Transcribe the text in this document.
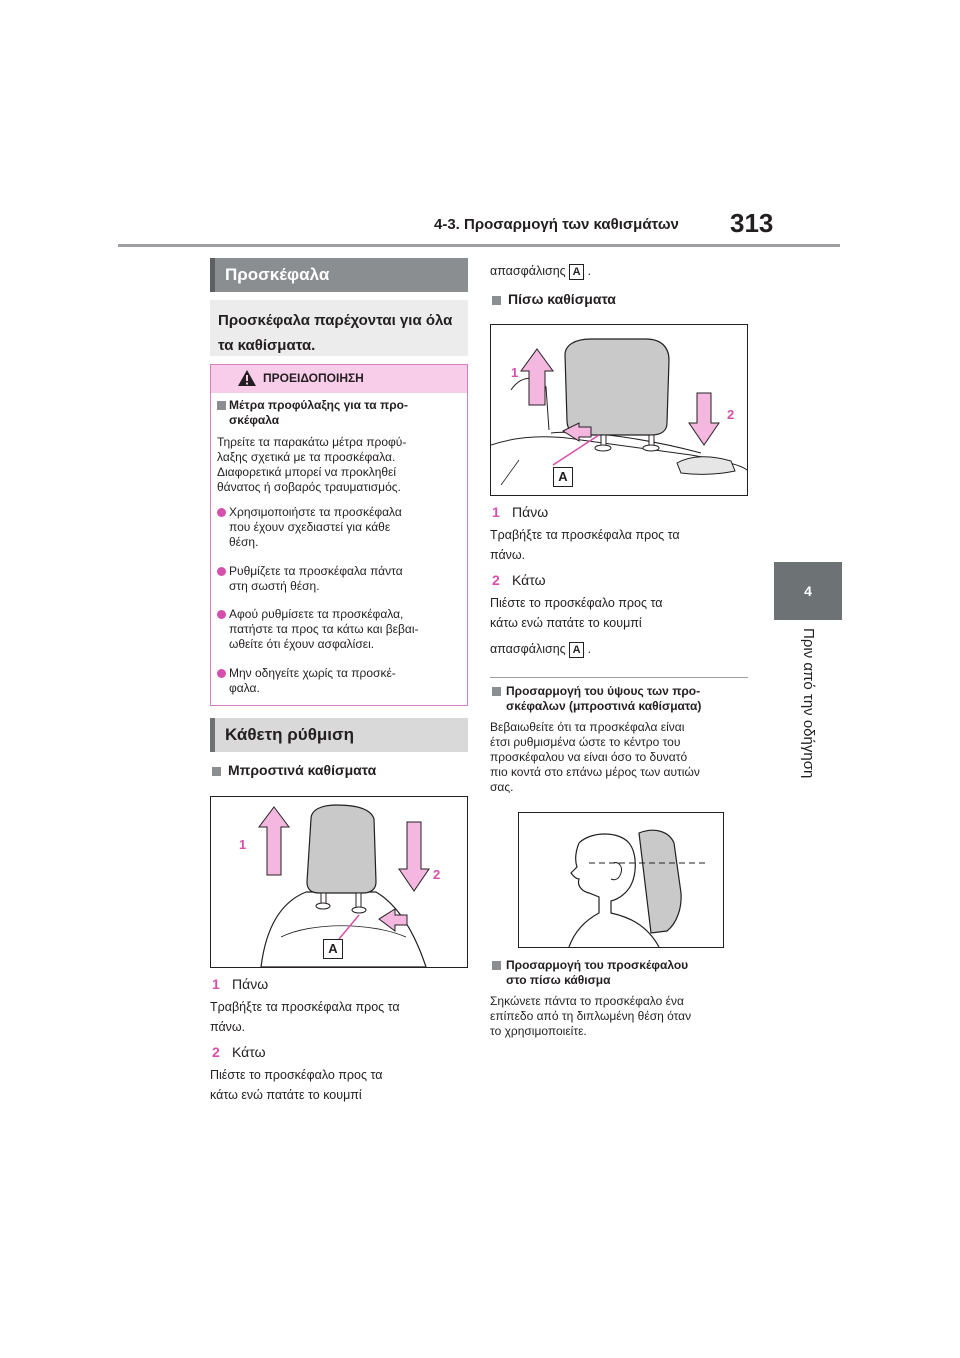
4-3. Προσαρμογή των καθισμάτων 313
4
Πριν από την οδήγηση
Προσκέφαλα
Προσκέφαλα παρέχονται για όλα τα καθίσματα.
ΠΡΟΕΙΔΟΠΟΙΗΣΗ
Μέτρα προφύλαξης για τα προ-
σκέφαλα
Τηρείτε τα παρακάτω μέτρα προφύ-
λαξης σχετικά με τα προσκέφαλα.
Διαφορετικά μπορεί να προκληθεί
θάνατος ή σοβαρός τραυματισμός.
Χρησιμοποιήστε τα προσκέφαλα
που έχουν σχεδιαστεί για κάθε
θέση.
Ρυθμίζετε τα προσκέφαλα πάντα
στη σωστή θέση.
Αφού ρυθμίσετε τα προσκέφαλα,
πατήστε τα προς τα κάτω και βεβαι-
ωθείτε ότι έχουν ασφαλίσει.
Μην οδηγείτε χωρίς τα προσκέ-
φαλα.
Κάθετη ρύθμιση
Μπροστινά καθίσματα
1
2
A
1 Πάνω
Τραβήξτε τα προσκέφαλα προς τα
πάνω.
2 Κάτω
Πιέστε το προσκέφαλο προς τα
κάτω ενώ πατάτε το κουμπί
απασφάλισης A .
Πίσω καθίσματα
1
2
A
1 Πάνω
Τραβήξτε τα προσκέφαλα προς τα
πάνω.
2 Κάτω
Πιέστε το προσκέφαλο προς τα
κάτω ενώ πατάτε το κουμπί
απασφάλισης A .
Προσαρμογή του ύψους των προ-
σκέφαλων (μπροστινά καθίσματα)
Βεβαιωθείτε ότι τα προσκέφαλα είναι
έτσι ρυθμισμένα ώστε το κέντρο του
προσκέφαλου να είναι όσο το δυνατό
πιο κοντά στο επάνω μέρος των αυτιών
σας.
Προσαρμογή του προσκέφαλου
στο πίσω κάθισμα
Σηκώνετε πάντα το προσκέφαλο ένα
επίπεδο από τη διπλωμένη θέση όταν
το χρησιμοποιείτε.
